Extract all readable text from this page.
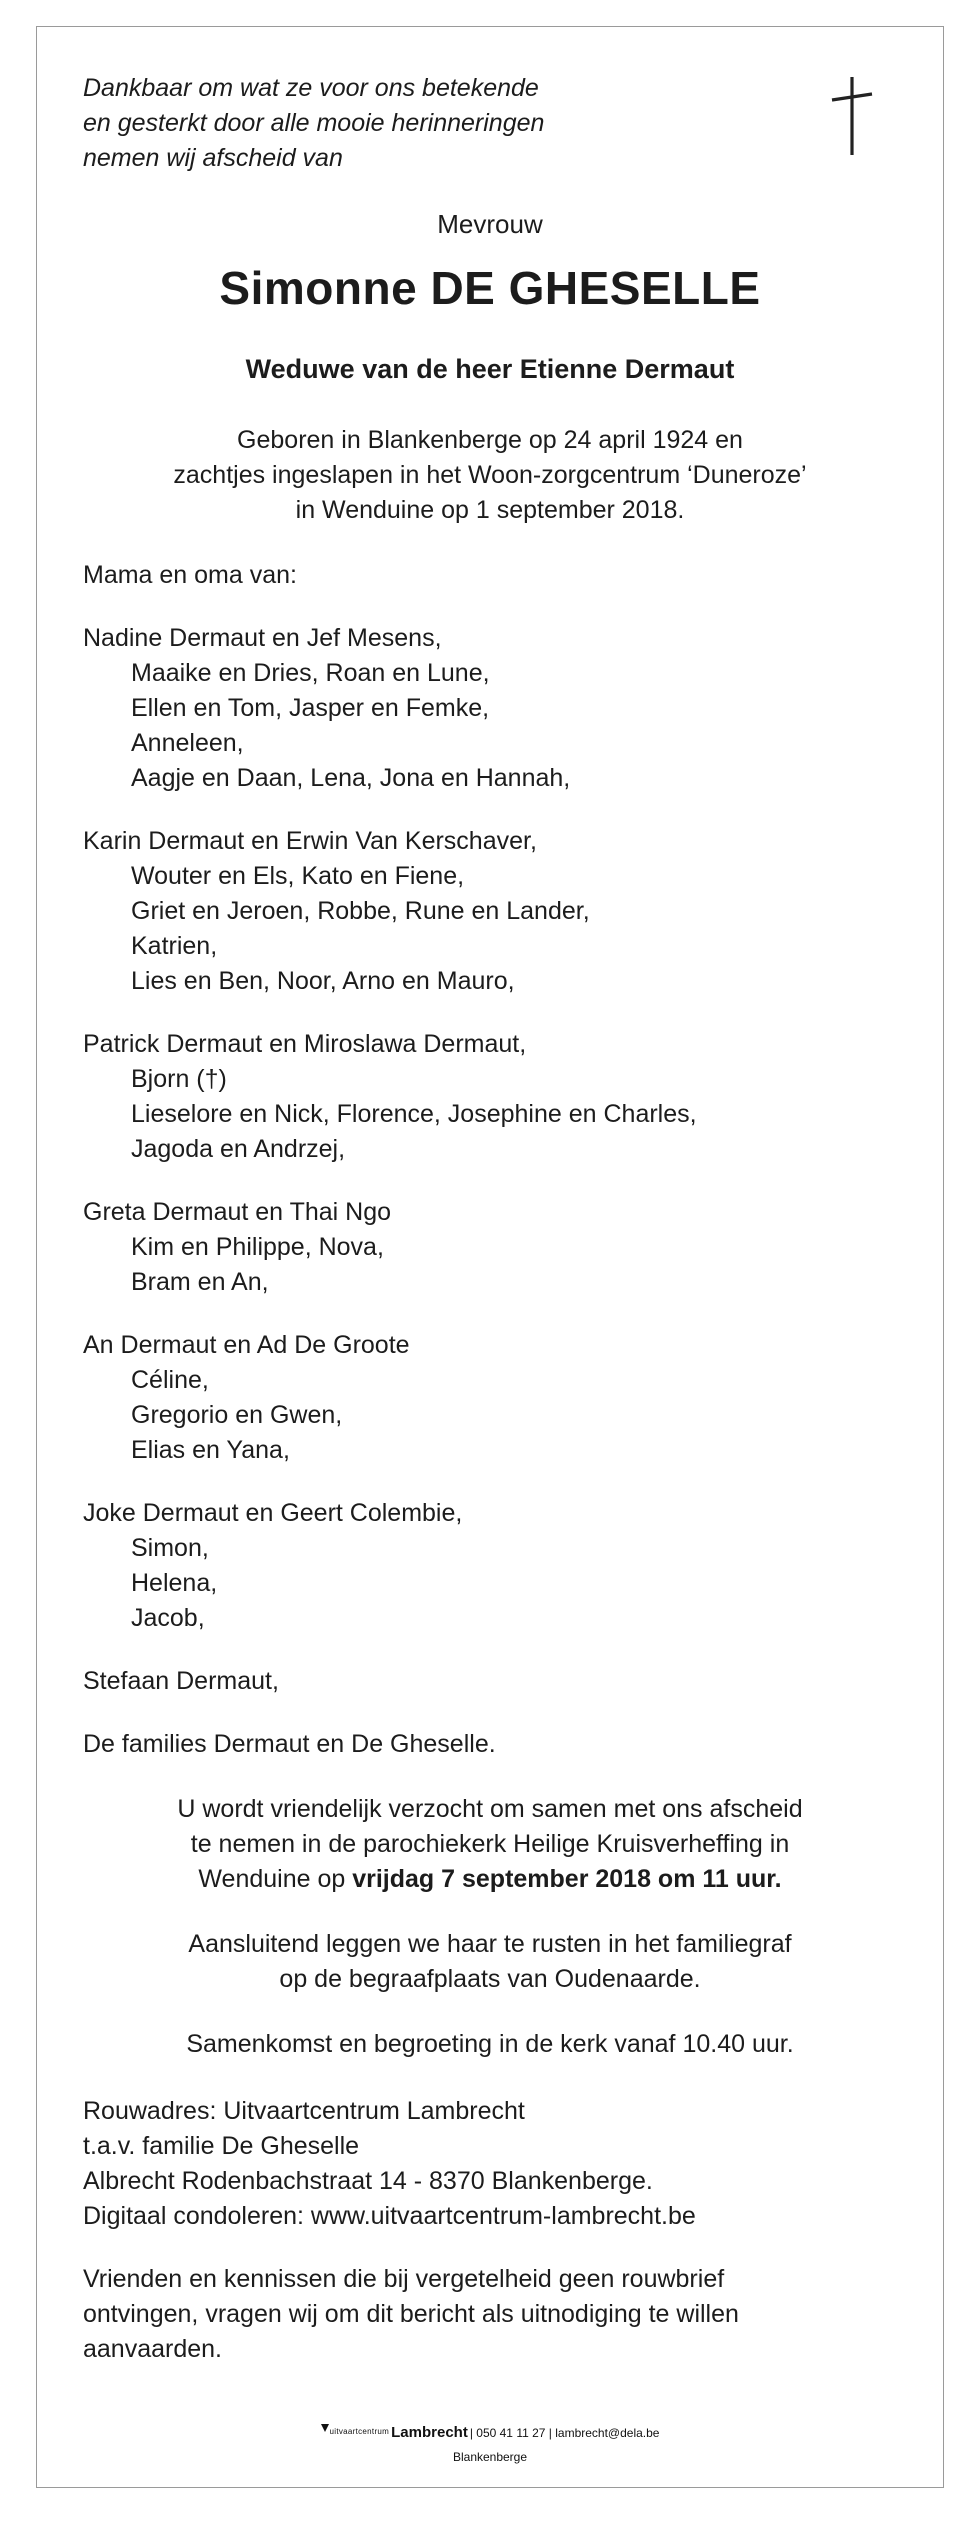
Dankbaar om wat ze voor ons betekende
en gesterkt door alle mooie herinneringen
nemen wij afscheid van
Mevrouw
Simonne DE GHESELLE
Weduwe van de heer Etienne Dermaut
Geboren in Blankenberge op 24 april 1924 en
zachtjes ingeslapen in het Woon-zorgcentrum ‘Duneroze’
in Wenduine op 1 september 2018.
Mama en oma van:
Nadine Dermaut en Jef Mesens,
Maaike en Dries, Roan en Lune,
Ellen en Tom, Jasper en Femke,
Anneleen,
Aagje en Daan, Lena, Jona en Hannah,
Karin Dermaut en Erwin Van Kerschaver,
Wouter en Els, Kato en Fiene,
Griet en Jeroen, Robbe, Rune en Lander,
Katrien,
Lies en Ben, Noor, Arno en Mauro,
Patrick Dermaut en Miroslawa Dermaut,
Bjorn (†)
Lieselore en Nick, Florence, Josephine en Charles,
Jagoda en Andrzej,
Greta Dermaut en Thai Ngo
Kim en Philippe, Nova,
Bram en An,
An Dermaut en Ad De Groote
Céline,
Gregorio en Gwen,
Elias en Yana,
Joke Dermaut en Geert Colembie,
Simon,
Helena,
Jacob,
Stefaan Dermaut,
De families Dermaut en De Gheselle.
U wordt vriendelijk verzocht om samen met ons afscheid
te nemen in de parochiekerk Heilige Kruisverheffing in
Wenduine op vrijdag 7 september 2018 om 11 uur.
Aansluitend leggen we haar te rusten in het familiegraf
op de begraafplaats van Oudenaarde.
Samenkomst en begroeting in de kerk vanaf 10.40 uur.
Rouwadres: Uitvaartcentrum Lambrecht
t.a.v. familie De Gheselle
Albrecht Rodenbachstraat 14 - 8370 Blankenberge.
Digitaal condoleren: www.uitvaartcentrum-lambrecht.be
Vrienden en kennissen die bij vergetelheid geen rouwbrief
ontvingen, vragen wij om dit bericht als uitnodiging te willen
aanvaarden.
uitvaartcentrum Lambrecht | 050 41 11 27 | lambrecht@dela.be
Blankenberge
